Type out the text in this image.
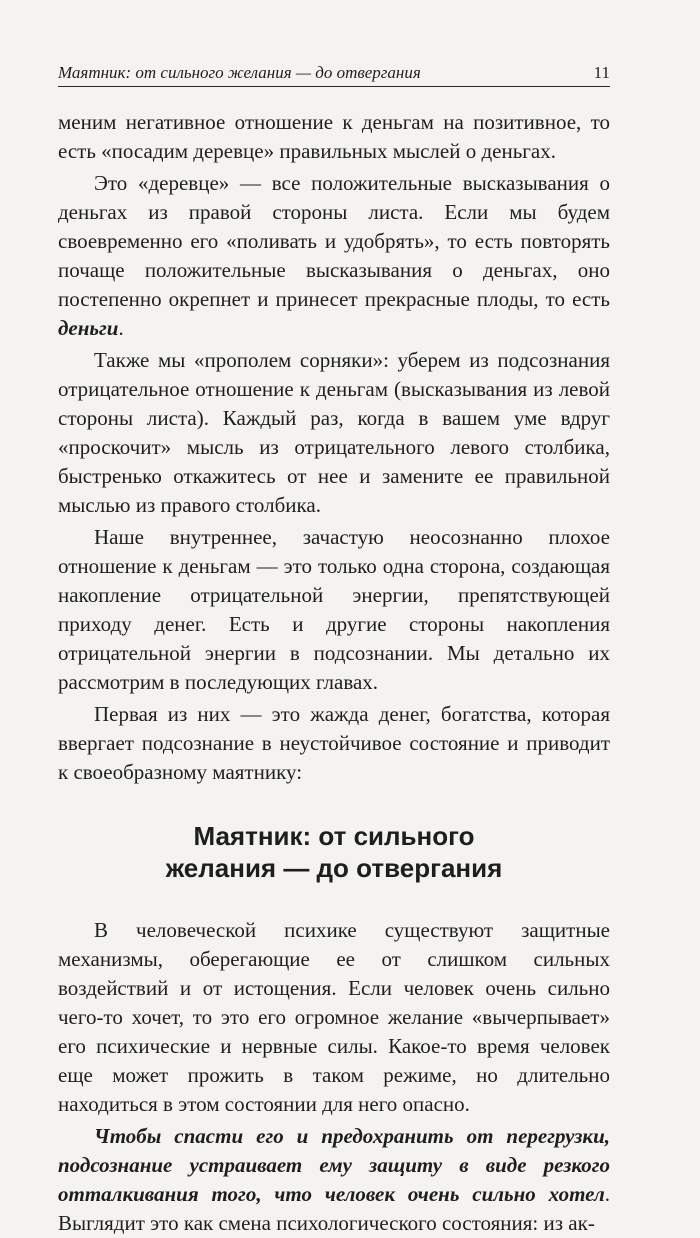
Маятник: от сильного желания — до отвергания	11

меним негативное отношение к деньгам на позитивное, то есть «посадим деревце» правильных мыслей о деньгах.

Это «деревце» — все положительные высказывания о деньгах из правой стороны листа. Если мы будем своевременно его «поливать и удобрять», то есть повторять почаще положительные высказывания о деньгах, оно постепенно окрепнет и принесет прекрасные плоды, то есть деньги.

Также мы «прополем сорняки»: уберем из подсознания отрицательное отношение к деньгам (высказывания из левой стороны листа). Каждый раз, когда в вашем уме вдруг «проскочит» мысль из отрицательного левого столбика, быстренько откажитесь от нее и замените ее правильной мыслью из правого столбика.

Наше внутреннее, зачастую неосознанно плохое отношение к деньгам — это только одна сторона, создающая накопление отрицательной энергии, препятствующей приходу денег. Есть и другие стороны накопления отрицательной энергии в подсознании. Мы детально их рассмотрим в последующих главах.

Первая из них — это жажда денег, богатства, которая ввергает подсознание в неустойчивое состояние и приводит к своеобразному маятнику:

Маятник: от сильного
желания — до отвергания

В человеческой психике существуют защитные механизмы, оберегающие ее от слишком сильных воздействий и от истощения. Если человек очень сильно чего-то хочет, то это его огромное желание «вычерпывает» его психические и нервные силы. Какое-то время человек еще может прожить в таком режиме, но длительно находиться в этом состоянии для него опасно.

Чтобы спасти его и предохранить от перегрузки, подсознание устраивает ему защиту в виде резкого отталкивания того, что человек очень сильно хотел. Выглядит это как смена психологического состояния: из ак-
